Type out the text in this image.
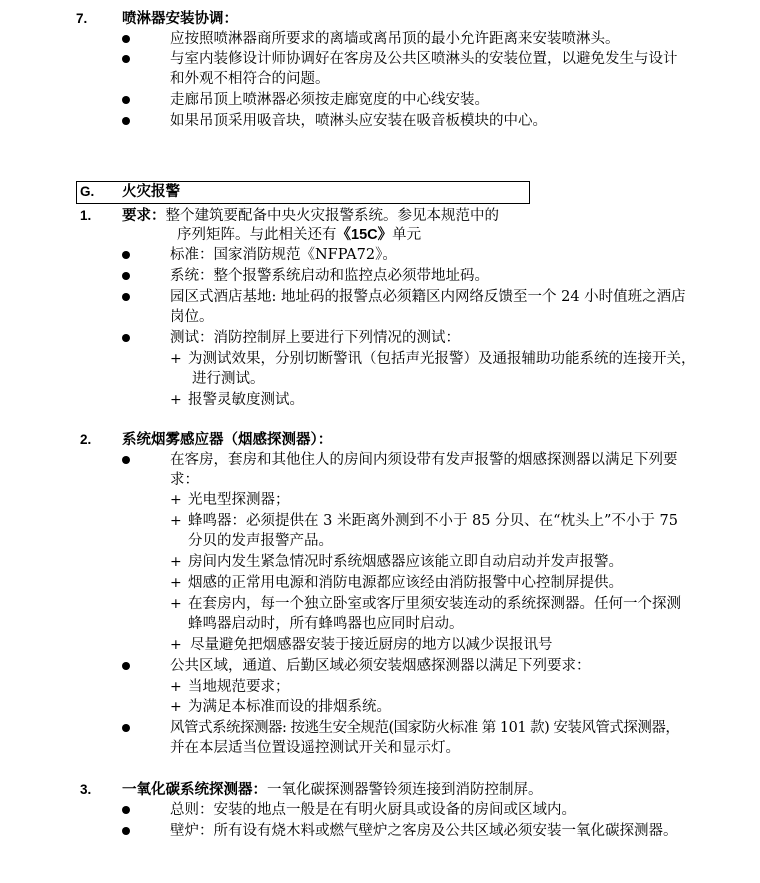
7. 喷淋器安装协调：
应按照喷淋器商所要求的离墙或离吊顶的最小允许距离来安装喷淋头。
与室内装修设计师协调好在客房及公共区喷淋头的安装位置，以避免发生与设计
和外观不相符合的问题。
走廊吊顶上喷淋器必须按走廊宽度的中心线安装。
如果吊顶采用吸音块，喷淋头应安装在吸音板模块的中心。
G. 火灾报警
1. 要求：整个建筑要配备中央火灾报警系统。参见本规范中的
序列矩阵。与此相关还有《15C》单元
标准：国家消防规范《NFPA72》。
系统：整个报警系统启动和监控点必须带地址码。
园区式酒店基地: 地址码的报警点必须籍区内网络反馈至一个 24 小时值班之酒店
岗位。
测试：消防控制屏上要进行下列情况的测试：
+ 为测试效果，分别切断警讯（包括声光报警）及通报辅助功能系统的连接开关，
进行测试。
+ 报警灵敏度测试。
2. 系统烟雾感应器（烟感探测器）：
在客房，套房和其他住人的房间内须设带有发声报警的烟感探测器以满足下列要
求：
+ 光电型探测器；
+ 蜂鸣器：必须提供在 3 米距离外测到不小于 85 分贝、在“枕头上”不小于 75
分贝的发声报警产品。
+ 房间内发生紧急情况时系统烟感器应该能立即自动启动并发声报警。
+ 烟感的正常用电源和消防电源都应该经由消防报警中心控制屏提供。
+ 在套房内，每一个独立卧室或客厅里须安装连动的系统探测器。任何一个探测
蜂鸣器启动时，所有蜂鸣器也应同时启动。
+ 尽量避免把烟感器安装于接近厨房的地方以减少误报讯号
公共区域，通道、后勤区域必须安装烟感探测器以满足下列要求：
+ 当地规范要求；
+ 为满足本标准而设的排烟系统。
风管式系统探测器: 按逃生安全规范(国家防火标准 第 101 款) 安装风管式探测器，
并在本层适当位置设遥控测试开关和显示灯。
3. 一氧化碳系统探测器：一氧化碳探测器警铃须连接到消防控制屏。
总则：安装的地点一般是在有明火厨具或设备的房间或区域内。
壁炉：所有设有烧木料或燃气壁炉之客房及公共区域必须安装一氧化碳探测器。
